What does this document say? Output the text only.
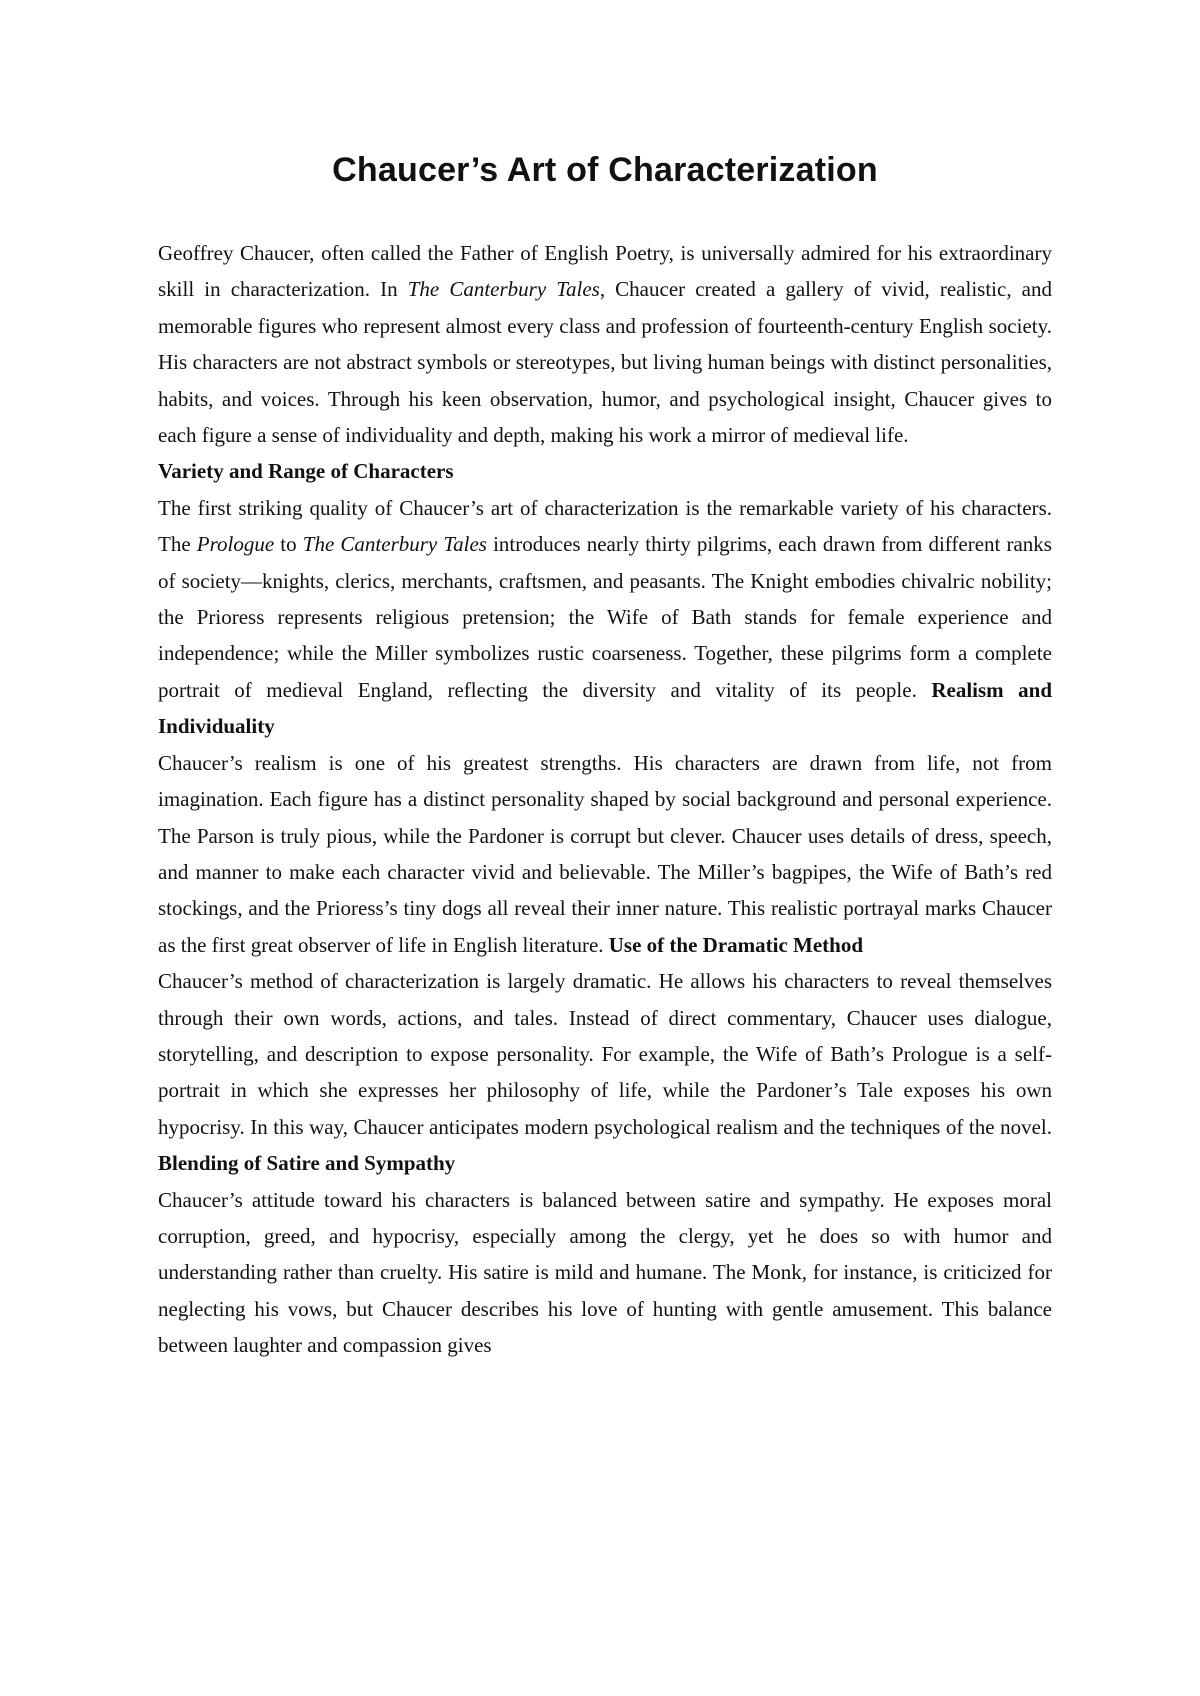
Chaucer’s Art of Characterization

Geoffrey Chaucer, often called the Father of English Poetry, is universally admired for his extraordinary skill in characterization. In The Canterbury Tales, Chaucer created a gallery of vivid, realistic, and memorable figures who represent almost every class and profession of fourteenth-century English society. His characters are not abstract symbols or stereotypes, but living human beings with distinct personalities, habits, and voices. Through his keen observation, humor, and psychological insight, Chaucer gives to each figure a sense of individuality and depth, making his work a mirror of medieval life.

Variety and Range of Characters

The first striking quality of Chaucer’s art of characterization is the remarkable variety of his characters. The Prologue to The Canterbury Tales introduces nearly thirty pilgrims, each drawn from different ranks of society—knights, clerics, merchants, craftsmen, and peasants. The Knight embodies chivalric nobility; the Prioress represents religious pretension; the Wife of Bath stands for female experience and independence; while the Miller symbolizes rustic coarseness. Together, these pilgrims form a complete portrait of medieval England, reflecting the diversity and vitality of its people. Realism and Individuality

Chaucer’s realism is one of his greatest strengths. His characters are drawn from life, not from imagination. Each figure has a distinct personality shaped by social background and personal experience. The Parson is truly pious, while the Pardoner is corrupt but clever. Chaucer uses details of dress, speech, and manner to make each character vivid and believable. The Miller’s bagpipes, the Wife of Bath’s red stockings, and the Prioress’s tiny dogs all reveal their inner nature. This realistic portrayal marks Chaucer as the first great observer of life in English literature. Use of the Dramatic Method

Chaucer’s method of characterization is largely dramatic. He allows his characters to reveal themselves through their own words, actions, and tales. Instead of direct commentary, Chaucer uses dialogue, storytelling, and description to expose personality. For example, the Wife of Bath’s Prologue is a self-portrait in which she expresses her philosophy of life, while the Pardoner’s Tale exposes his own hypocrisy. In this way, Chaucer anticipates modern psychological realism and the techniques of the novel. Blending of Satire and Sympathy

Chaucer’s attitude toward his characters is balanced between satire and sympathy. He exposes moral corruption, greed, and hypocrisy, especially among the clergy, yet he does so with humor and understanding rather than cruelty. His satire is mild and humane. The Monk, for instance, is criticized for neglecting his vows, but Chaucer describes his love of hunting with gentle amusement. This balance between laughter and compassion gives
